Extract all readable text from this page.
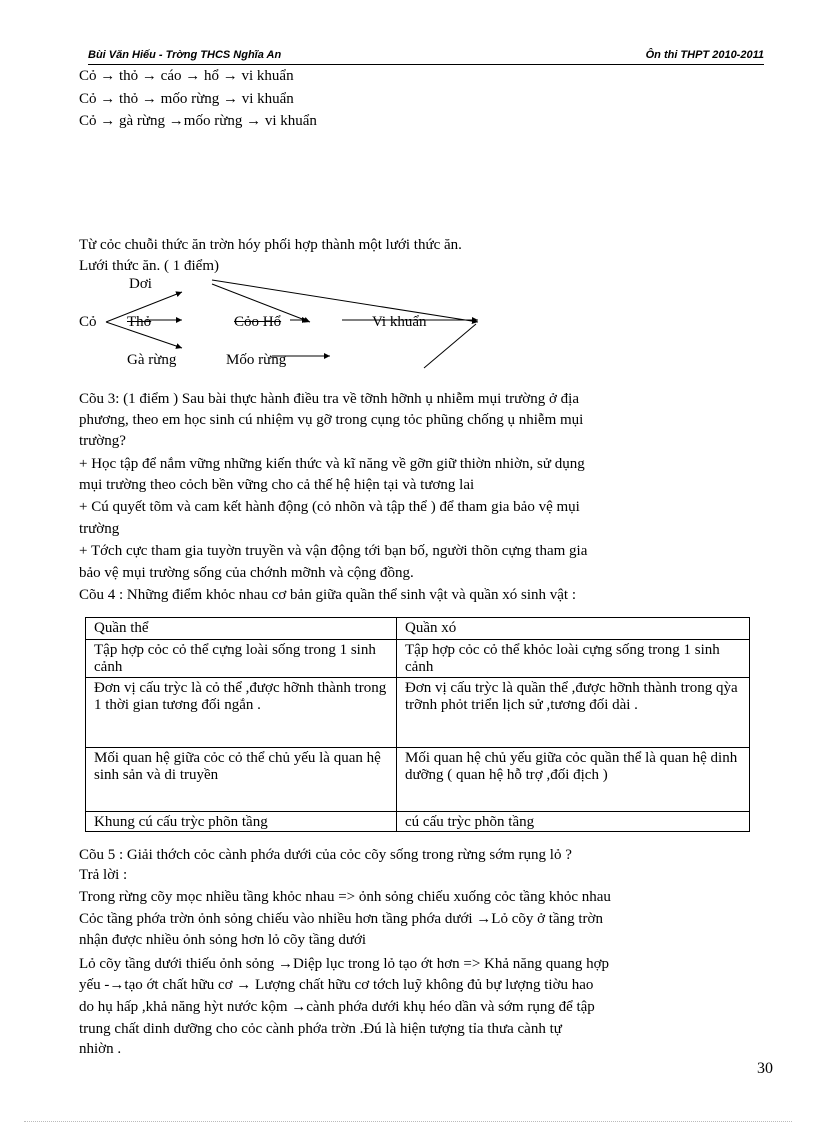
Bùi Văn Hiếu - Trờng THCS Nghĩa An	Ôn thi THPT 2010-2011
Cỏ → thỏ → cáo → hổ → vi khuẩn
Cỏ → thỏ → mốo rừng → vi khuẩn
Cỏ → gà rừng →mốo rừng → vi khuẩn
Từ cỏc chuỗi thức ăn trờn hóy phối hợp thành một lưới thức ăn.
Lưới thức ăn. ( 1 điểm)
Dơi
Cỏ Thỏ	Cỏo Hổ	Vi khuẩn
Gà rừng	Mốo rừng
Cõu 3: (1 điểm ) Sau bài thực hành điều tra về tỡnh hỡnh ụ nhiễm mụi trường ở địa
phương, theo em học sinh cú nhiệm vụ gỡ trong cụng tỏc phũng chống ụ nhiễm mụi
trường?
+ Học tập để nắm vững những kiến thức và kĩ năng về gỡn giữ thiờn nhiờn, sử dụng
mụi trường theo cỏch bền vững cho cả thế hệ hiện tại và tương lai
+ Cú quyết tõm và cam kết hành động (cỏ nhõn và tập thể ) để tham gia bảo vệ mụi
trường
+ Tớch cực tham gia tuyờn truyền và vận động tới bạn bố, người thõn cựng tham gia
bảo vệ mụi trường sống của chớnh mỡnh và cộng đồng.
Cõu 4 : Những điểm khỏc nhau cơ bản giữa quần thể sinh vật và quần xó sinh vật :
Quần thể	Quần xó
Tập hợp cỏc cỏ thể cựng loài sống trong 1 sinh cảnh	Tập hợp cỏc cỏ thể khỏc loài cựng sống trong 1 sinh cảnh
Đơn vị cấu trỳc là cỏ thể ,được hỡnh thành trong 1 thời gian tương đối ngắn .	Đơn vị cấu trỳc là quần thể ,được hỡnh thành trong qỳa trỡnh phỏt triển lịch sử ,tương đối dài .
Mối quan hệ giữa cỏc cỏ thể chủ yếu là quan hệ sinh sản và di truyền	Mối quan hệ chủ yếu giữa cỏc quần thể là quan hệ dinh dưỡng ( quan hệ hỗ trợ ,đối địch )
Khung cú cấu trỳc phõn tầng	cú cấu trỳc phõn tầng
Cõu 5 : Giải thớch cỏc cành phớa dưới của cỏc cõy sống trong rừng sớm rụng lỏ ?
Trả lời :
Trong rừng cõy mọc nhiều tầng khỏc nhau => ỏnh sỏng chiếu xuống cỏc tầng khỏc nhau
Cỏc tầng phớa trờn ỏnh sỏng chiếu vào nhiều hơn tầng phớa dưới →Lỏ cõy ở tầng trờn
nhận được nhiều ỏnh sỏng hơn lỏ cõy tầng dưới
Lỏ cõy tầng dưới thiếu ỏnh sỏng →Diệp lục trong lỏ tạo ớt hơn => Khả năng quang hợp
yếu -→tạo ớt chất hữu cơ → Lượng chất hữu cơ tớch luỹ không đủ bự lượng tiờu hao
do hụ hấp ,khả năng hỳt nước kộm →cành phớa dưới khụ héo dần và sớm rụng để tập
trung chất dinh dưỡng cho cỏc cành phớa trờn .Đú là hiện tượng tỉa thưa cành tự
nhiờn .
30
